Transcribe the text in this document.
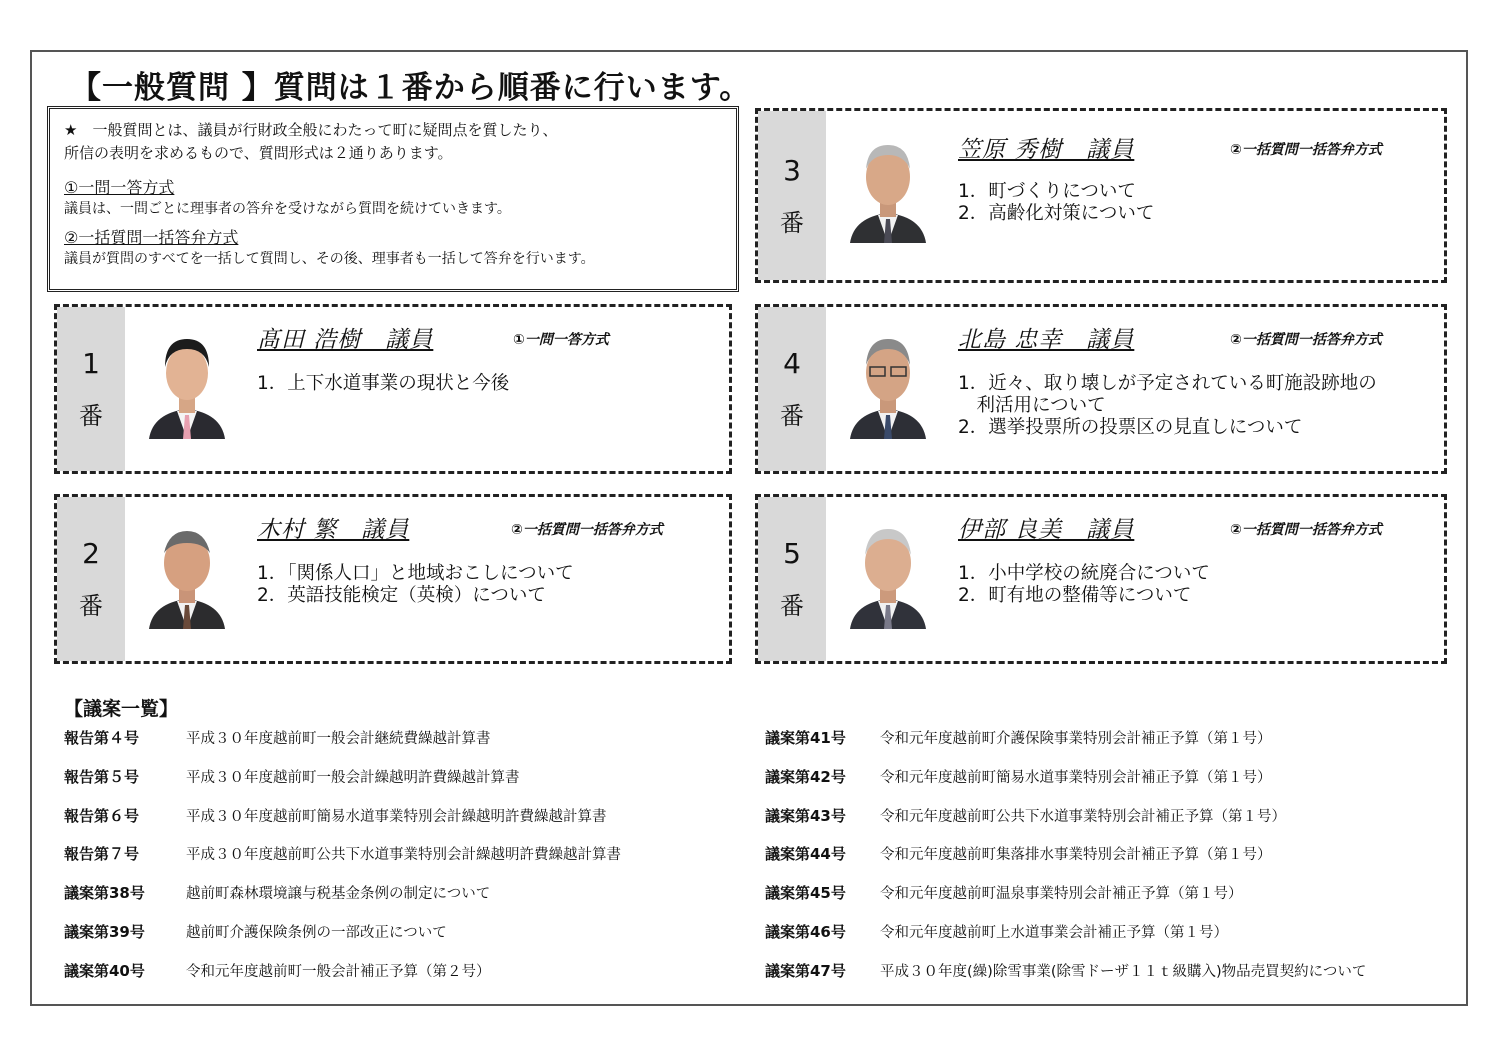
【一般質問 】質問は１番から順番に行います。

★　一般質問とは、議員が行財政全般にわたって町に疑問点を質したり、

所信の表明を求めるもので、質問形式は２通りあります。

①一問一答方式

議員は、一問ごとに理事者の答弁を受けながら質問を続けていきます。

②一括質問一括答弁方式

議員が質問のすべてを一括して質問し、その後、理事者も一括して答弁を行います。

3
番
笠原 秀樹　議員	②一括質問一括答弁方式
1．町づくりについて
2．高齢化対策について
1
番
髙田 浩樹　議員	①一問一答方式
1．上下水道事業の現状と今後
4
番
北島 忠幸　議員	②一括質問一括答弁方式
1．近々、取り壊しが予定されている町施設跡地の
　利活用について
2．選挙投票所の投票区の見直しについて
2
番
木村 繁　議員	②一括質問一括答弁方式
1．「関係人口」と地域おこしについて
2．英語技能検定（英検）について
5
番
伊部 良美　議員	②一括質問一括答弁方式
1．小中学校の統廃合について
2．町有地の整備等について
【議案一覧】
報告第４号	平成３０年度越前町一般会計継続費繰越計算書
報告第５号	平成３０年度越前町一般会計繰越明許費繰越計算書
報告第６号	平成３０年度越前町簡易水道事業特別会計繰越明許費繰越計算書
報告第７号	平成３０年度越前町公共下水道事業特別会計繰越明許費繰越計算書
議案第38号	越前町森林環境譲与税基金条例の制定について
議案第39号	越前町介護保険条例の一部改正について
議案第40号	令和元年度越前町一般会計補正予算（第２号）
議案第41号 令和元年度越前町介護保険事業特別会計補正予算（第１号）
議案第42号 令和元年度越前町簡易水道事業特別会計補正予算（第１号）
議案第43号 令和元年度越前町公共下水道事業特別会計補正予算（第１号）
議案第44号 令和元年度越前町集落排水事業特別会計補正予算（第１号）
議案第45号 令和元年度越前町温泉事業特別会計補正予算（第１号）
議案第46号 令和元年度越前町上水道事業会計補正予算（第１号）
議案第47号 平成３０年度(繰)除雪事業(除雪ドーザ１１ｔ級購入)物品売買契約について
